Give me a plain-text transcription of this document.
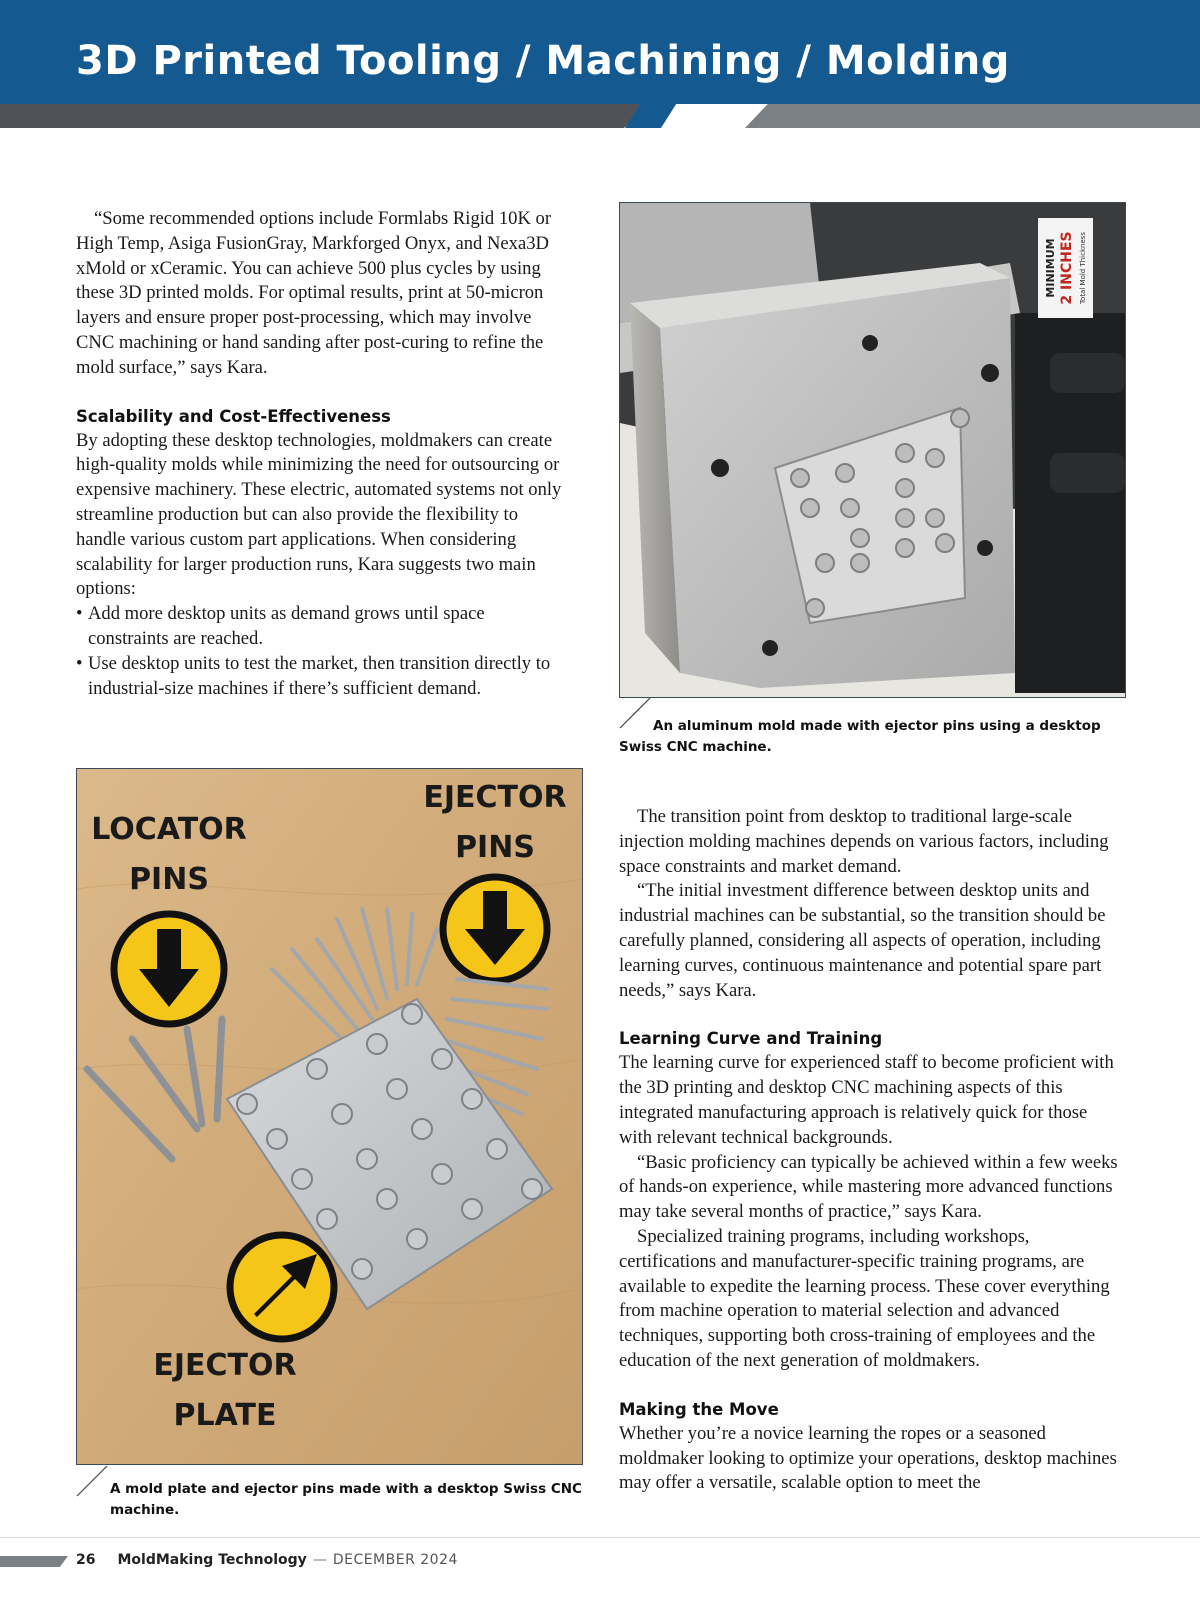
3D Printed Tooling / Machining / Molding

“Some recommended options include Formlabs Rigid 10K or High Temp, Asiga FusionGray, Markforged Onyx, and Nexa3D xMold or xCeramic. You can achieve 500 plus cycles by using these 3D printed molds. For optimal results, print at 50-micron layers and ensure proper post-processing, which may involve CNC machining or hand sanding after post-curing to refine the mold surface,” says Kara.

Scalability and Cost-Effectiveness

By adopting these desktop technologies, moldmakers can create high-quality molds while minimizing the need for outsourcing or expensive machinery. These electric, automated systems not only streamline production but can also provide the flexibility to handle various custom part applications. When considering scalability for larger production runs, Kara suggests two main options:

• Add more desktop units as demand grows until space constraints are reached.
• Use desktop units to test the market, then transition directly to industrial-size machines if there’s sufficient demand.
MINIMUM 2 INCHES Total Mold Thickness
An aluminum mold made with ejector pins using a desktop Swiss CNC machine.
LOCATOR
PINS
EJECTOR
PINS
EJECTOR
PLATE
A mold plate and ejector pins made with a desktop Swiss CNC machine.

The transition point from desktop to traditional large-scale injection molding machines depends on various factors, including space constraints and market demand.

“The initial investment difference between desktop units and industrial machines can be substantial, so the transition should be carefully planned, considering all aspects of operation, including learning curves, continuous maintenance and potential spare part needs,” says Kara.

Learning Curve and Training

The learning curve for experienced staff to become proficient with the 3D printing and desktop CNC machining aspects of this integrated manufacturing approach is relatively quick for those with relevant technical backgrounds.

“Basic proficiency can typically be achieved within a few weeks of hands-on experience, while mastering more advanced functions may take several months of practice,” says Kara.

Specialized training programs, including workshops, certifications and manufacturer-specific training programs, are available to expedite the learning process. These cover everything from machine operation to material selection and advanced techniques, supporting both cross-training of employees and the education of the next generation of moldmakers.

Making the Move

Whether you’re a novice learning the ropes or a seasoned moldmaker looking to optimize your operations, desktop machines may offer a versatile, scalable option to meet the

26 MoldMaking Technology — DECEMBER 2024
